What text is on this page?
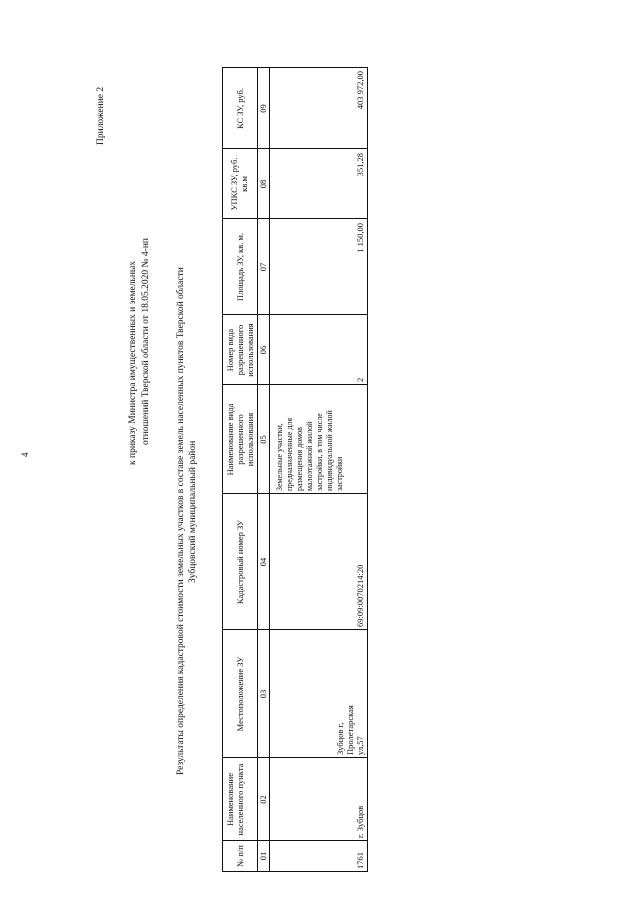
4
Приложение 2
к приказу Министра имущественных и земельных отношений Тверской области от 18.05.2020 № 4-нп	Результаты определения кадастровой стоимости земельных участков в составе земель населенных пунктов Тверской области Зубцовский муниципальный район
№ п/п
Наименование населенного пункта
Местоположение ЗУ
Кадастровый номер ЗУ
Наименование вида разрешенного использования
Номер вида разрешенного использования
Площадь ЗУ, кв. м.
УПКС ЗУ, руб. кв.м
КС ЗУ, руб.
01
02
03
04
05
06
07
08
09
1761
г. Зубцов
Зубцов г, Пролетарская ул,57
69:09:0070214:20
Земельные участки, предназначенные для размещения домов малоэтажной жилой застройки, в том числе индивидуальной жилой застройки
2
1 150,00
351,28
403 972,00
